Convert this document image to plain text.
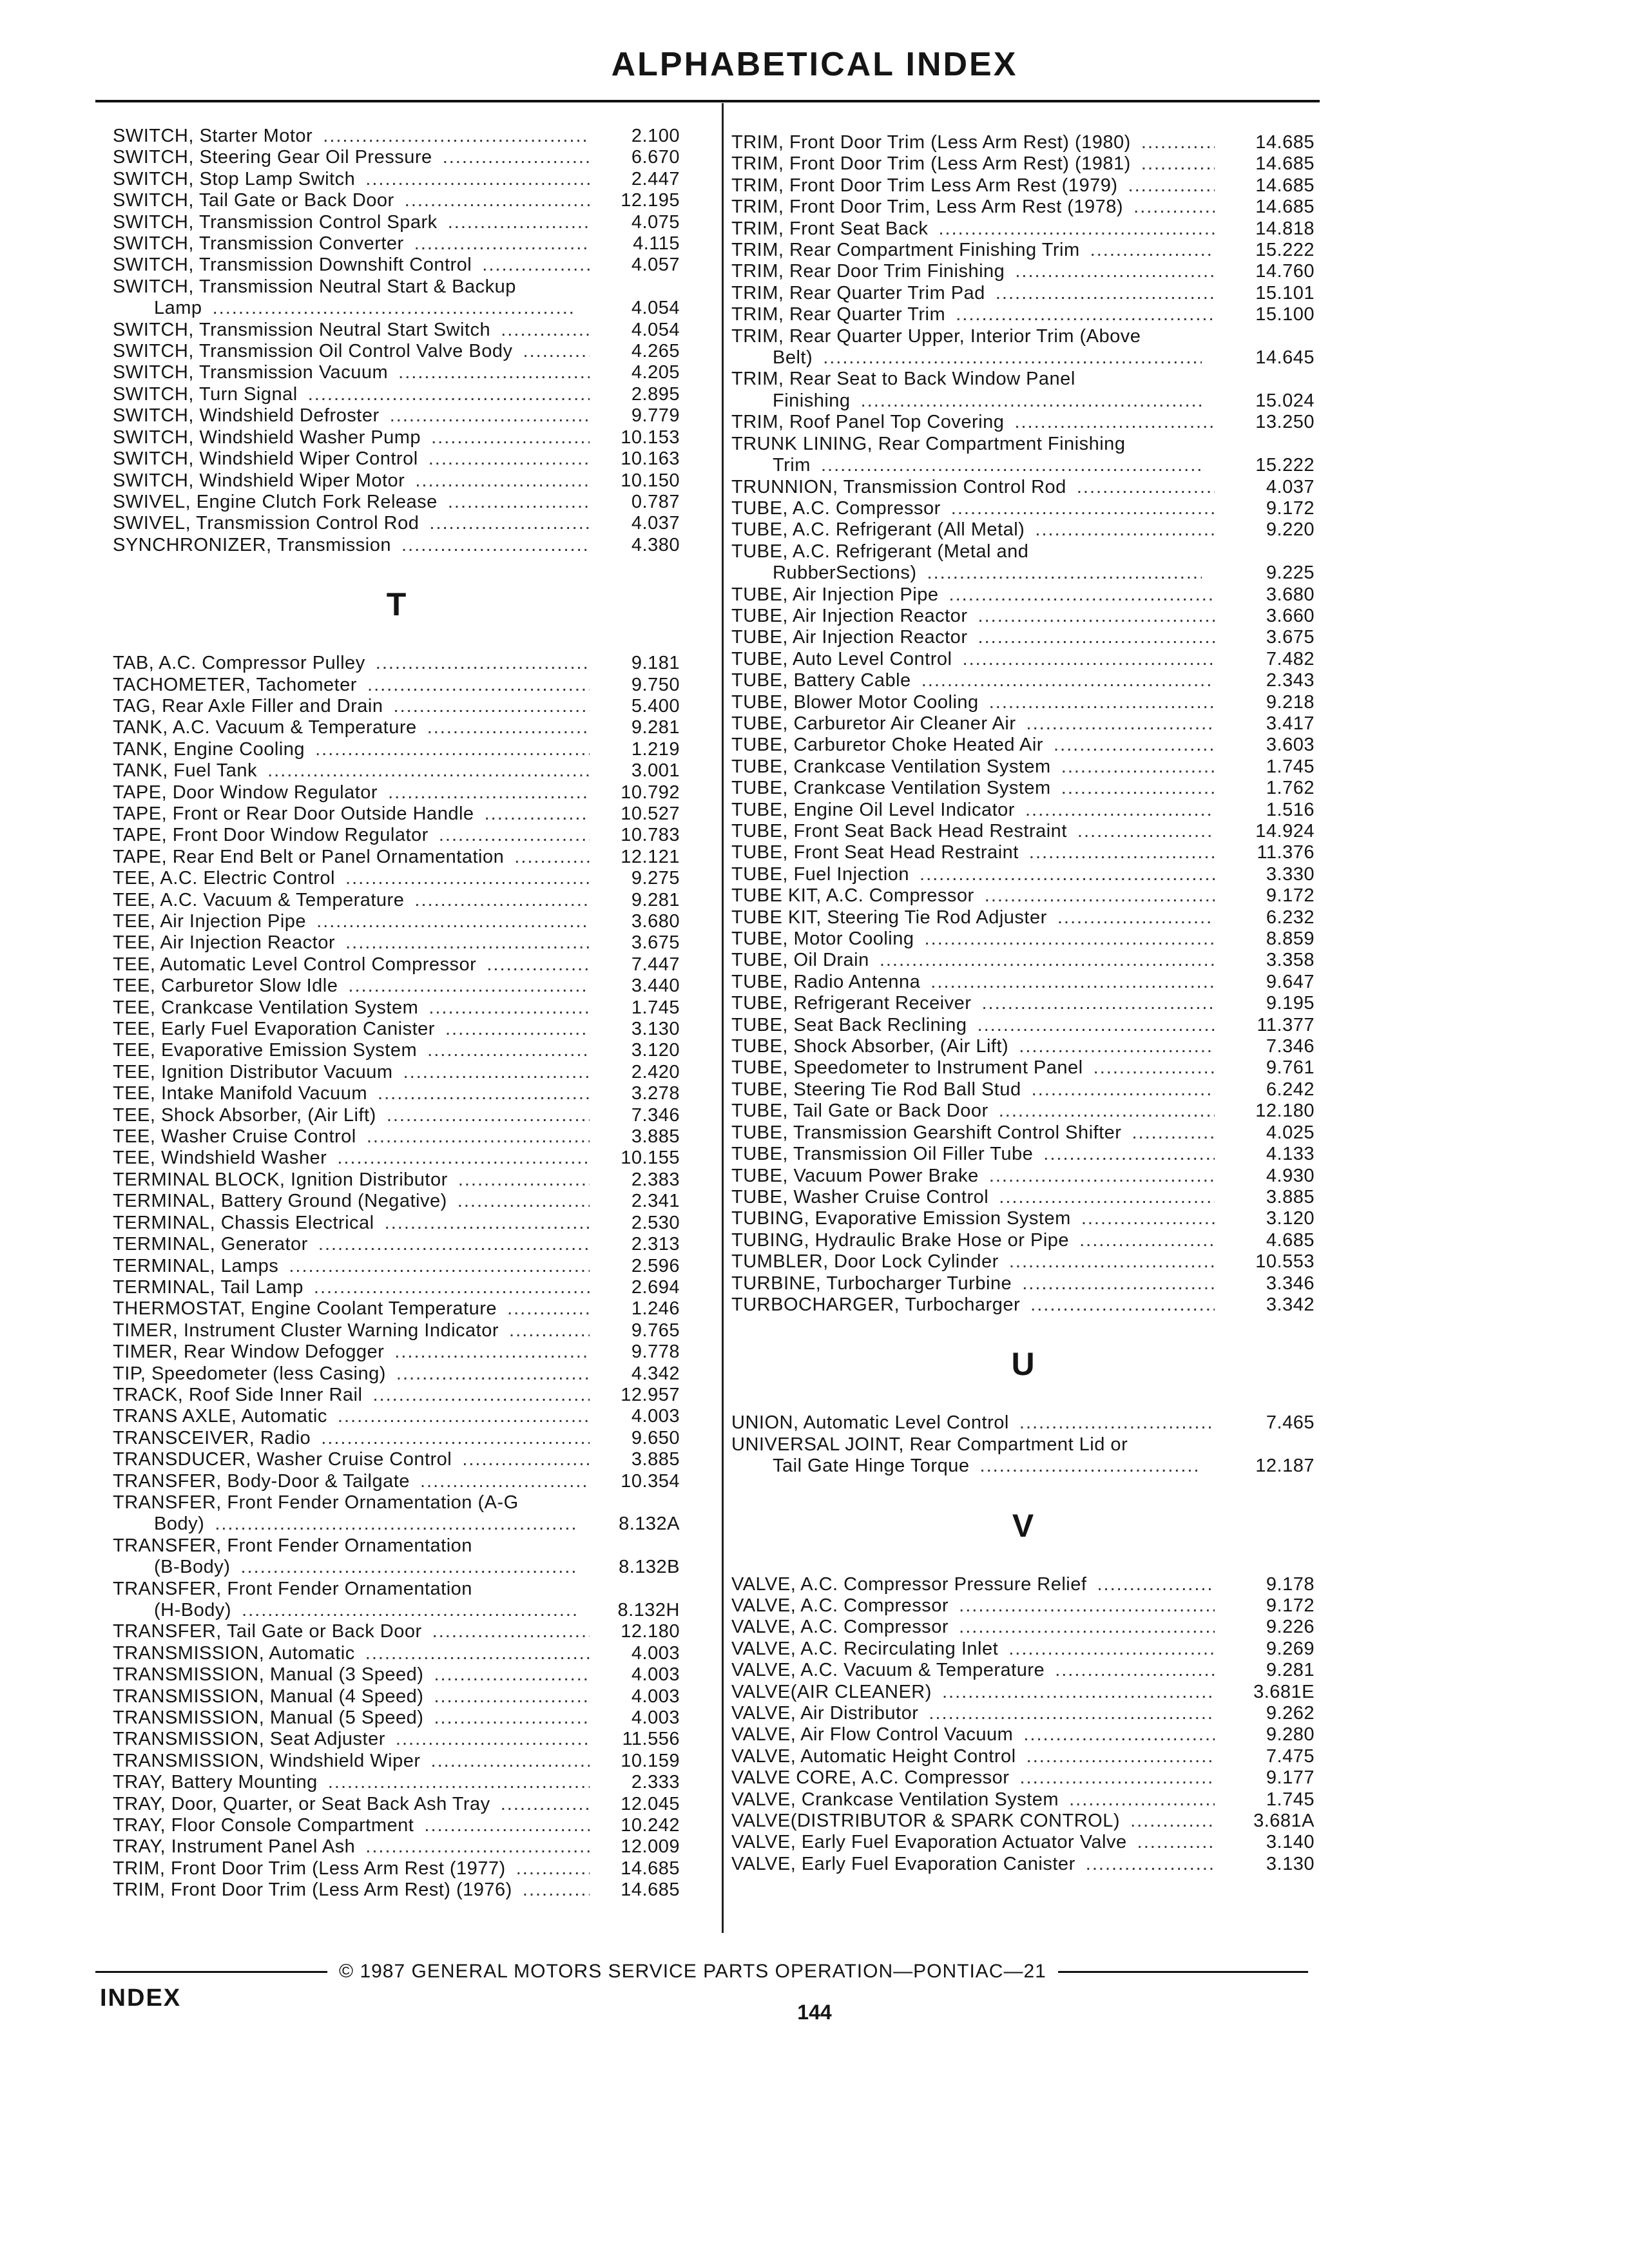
ALPHABETICAL INDEX
SWITCH, Starter Motor .....	2.100
SWITCH, Steering Gear Oil Pressure .....	6.670
SWITCH, Stop Lamp Switch .....	2.447
SWITCH, Tail Gate or Back Door .....	12.195
SWITCH, Transmission Control Spark .....	4.075
SWITCH, Transmission Converter .....	4.115
SWITCH, Transmission Downshift Control .....	4.057
SWITCH, Transmission Neutral Start & Backup
Lamp .....	4.054
SWITCH, Transmission Neutral Start Switch .....	4.054
SWITCH, Transmission Oil Control Valve Body .....	4.265
SWITCH, Transmission Vacuum .....	4.205
SWITCH, Turn Signal .....	2.895
SWITCH, Windshield Defroster .....	9.779
SWITCH, Windshield Washer Pump .....	10.153
SWITCH, Windshield Wiper Control .....	10.163
SWITCH, Windshield Wiper Motor .....	10.150
SWIVEL, Engine Clutch Fork Release .....	0.787
SWIVEL, Transmission Control Rod .....	4.037
SYNCHRONIZER, Transmission .....	4.380
T
TAB, A.C. Compressor Pulley .....	9.181
TACHOMETER, Tachometer .....	9.750
TAG, Rear Axle Filler and Drain .....	5.400
TANK, A.C. Vacuum & Temperature .....	9.281
TANK, Engine Cooling .....	1.219
TANK, Fuel Tank .....	3.001
TAPE, Door Window Regulator .....	10.792
TAPE, Front or Rear Door Outside Handle .....	10.527
TAPE, Front Door Window Regulator .....	10.783
TAPE, Rear End Belt or Panel Ornamentation .....	12.121
TEE, A.C. Electric Control .....	9.275
TEE, A.C. Vacuum & Temperature .....	9.281
TEE, Air Injection Pipe .....	3.680
TEE, Air Injection Reactor .....	3.675
TEE, Automatic Level Control Compressor .....	7.447
TEE, Carburetor Slow Idle .....	3.440
TEE, Crankcase Ventilation System .....	1.745
TEE, Early Fuel Evaporation Canister .....	3.130
TEE, Evaporative Emission System .....	3.120
TEE, Ignition Distributor Vacuum .....	2.420
TEE, Intake Manifold Vacuum .....	3.278
TEE, Shock Absorber, (Air Lift) .....	7.346
TEE, Washer Cruise Control .....	3.885
TEE, Windshield Washer .....	10.155
TERMINAL BLOCK, Ignition Distributor .....	2.383
TERMINAL, Battery Ground (Negative) .....	2.341
TERMINAL, Chassis Electrical .....	2.530
TERMINAL, Generator .....	2.313
TERMINAL, Lamps .....	2.596
TERMINAL, Tail Lamp .....	2.694
THERMOSTAT, Engine Coolant Temperature .....	1.246
TIMER, Instrument Cluster Warning Indicator .....	9.765
TIMER, Rear Window Defogger .....	9.778
TIP, Speedometer (less Casing) .....	4.342
TRACK, Roof Side Inner Rail .....	12.957
TRANS AXLE, Automatic .....	4.003
TRANSCEIVER, Radio .....	9.650
TRANSDUCER, Washer Cruise Control .....	3.885
TRANSFER, Body-Door & Tailgate .....	10.354
TRANSFER, Front Fender Ornamentation (A-G
Body) .....	8.132A
TRANSFER, Front Fender Ornamentation
(B-Body) .....	8.132B
TRANSFER, Front Fender Ornamentation
(H-Body) .....	8.132H
TRANSFER, Tail Gate or Back Door .....	12.180
TRANSMISSION, Automatic .....	4.003
TRANSMISSION, Manual (3 Speed) .....	4.003
TRANSMISSION, Manual (4 Speed) .....	4.003
TRANSMISSION, Manual (5 Speed) .....	4.003
TRANSMISSION, Seat Adjuster .....	11.556
TRANSMISSION, Windshield Wiper .....	10.159
TRAY, Battery Mounting .....	2.333
TRAY, Door, Quarter, or Seat Back Ash Tray .....	12.045
TRAY, Floor Console Compartment .....	10.242
TRAY, Instrument Panel Ash .....	12.009
TRIM, Front Door Trim (Less Arm Rest (1977) .....	14.685
TRIM, Front Door Trim (Less Arm Rest) (1976) .....	14.685
TRIM, Front Door Trim (Less Arm Rest) (1980) .....	14.685
TRIM, Front Door Trim (Less Arm Rest) (1981) .....	14.685
TRIM, Front Door Trim Less Arm Rest (1979) .....	14.685
TRIM, Front Door Trim, Less Arm Rest (1978) .....	14.685
TRIM, Front Seat Back .....	14.818
TRIM, Rear Compartment Finishing Trim .....	15.222
TRIM, Rear Door Trim Finishing .....	14.760
TRIM, Rear Quarter Trim Pad .....	15.101
TRIM, Rear Quarter Trim .....	15.100
TRIM, Rear Quarter Upper, Interior Trim (Above
Belt) .....	14.645
TRIM, Rear Seat to Back Window Panel
Finishing .....	15.024
TRIM, Roof Panel Top Covering .....	13.250
TRUNK LINING, Rear Compartment Finishing
Trim .....	15.222
TRUNNION, Transmission Control Rod .....	4.037
TUBE, A.C. Compressor .....	9.172
TUBE, A.C. Refrigerant (All Metal) .....	9.220
TUBE, A.C. Refrigerant (Metal and
RubberSections) .....	9.225
TUBE, Air Injection Pipe .....	3.680
TUBE, Air Injection Reactor .....	3.660
TUBE, Air Injection Reactor .....	3.675
TUBE, Auto Level Control .....	7.482
TUBE, Battery Cable .....	2.343
TUBE, Blower Motor Cooling .....	9.218
TUBE, Carburetor Air Cleaner Air .....	3.417
TUBE, Carburetor Choke Heated Air .....	3.603
TUBE, Crankcase Ventilation System .....	1.745
TUBE, Crankcase Ventilation System .....	1.762
TUBE, Engine Oil Level Indicator .....	1.516
TUBE, Front Seat Back Head Restraint .....	14.924
TUBE, Front Seat Head Restraint .....	11.376
TUBE, Fuel Injection .....	3.330
TUBE KIT, A.C. Compressor .....	9.172
TUBE KIT, Steering Tie Rod Adjuster .....	6.232
TUBE, Motor Cooling .....	8.859
TUBE, Oil Drain .....	3.358
TUBE, Radio Antenna .....	9.647
TUBE, Refrigerant Receiver .....	9.195
TUBE, Seat Back Reclining .....	11.377
TUBE, Shock Absorber, (Air Lift) .....	7.346
TUBE, Speedometer to Instrument Panel .....	9.761
TUBE, Steering Tie Rod Ball Stud .....	6.242
TUBE, Tail Gate or Back Door .....	12.180
TUBE, Transmission Gearshift Control Shifter .....	4.025
TUBE, Transmission Oil Filler Tube .....	4.133
TUBE, Vacuum Power Brake .....	4.930
TUBE, Washer Cruise Control .....	3.885
TUBING, Evaporative Emission System .....	3.120
TUBING, Hydraulic Brake Hose or Pipe .....	4.685
TUMBLER, Door Lock Cylinder .....	10.553
TURBINE, Turbocharger Turbine .....	3.346
TURBOCHARGER, Turbocharger .....	3.342
U
UNION, Automatic Level Control .....	7.465
UNIVERSAL JOINT, Rear Compartment Lid or
Tail Gate Hinge Torque .....	12.187
V
VALVE, A.C. Compressor Pressure Relief .....	9.178
VALVE, A.C. Compressor .....	9.172
VALVE, A.C. Compressor .....	9.226
VALVE, A.C. Recirculating Inlet .....	9.269
VALVE, A.C. Vacuum & Temperature .....	9.281
VALVE(AIR CLEANER) .....	3.681E
VALVE, Air Distributor .....	9.262
VALVE, Air Flow Control Vacuum .....	9.280
VALVE, Automatic Height Control .....	7.475
VALVE CORE, A.C. Compressor .....	9.177
VALVE, Crankcase Ventilation System .....	1.745
VALVE(DISTRIBUTOR & SPARK CONTROL) .....	3.681A
VALVE, Early Fuel Evaporation Actuator Valve .....	3.140
VALVE, Early Fuel Evaporation Canister .....	3.130
© 1987 GENERAL MOTORS SERVICE PARTS OPERATION—PONTIAC—21
INDEX
144
